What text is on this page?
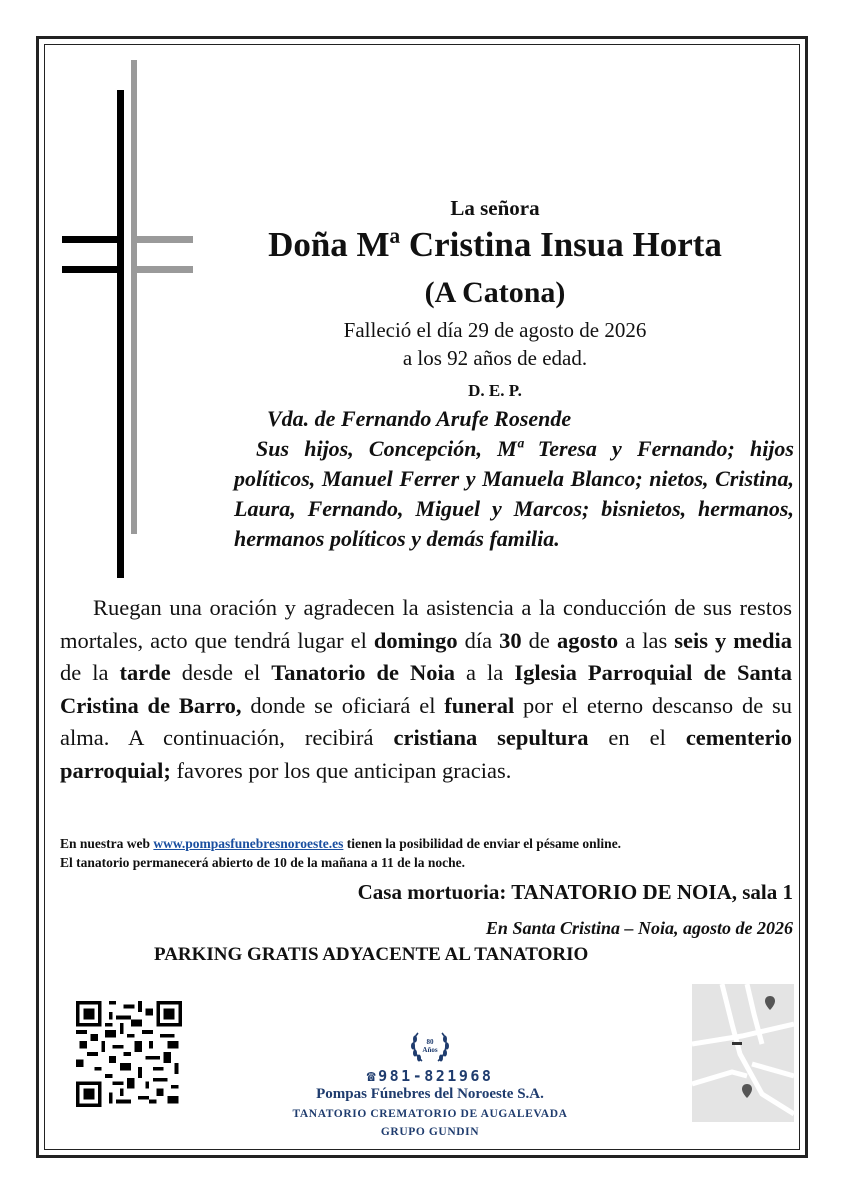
La señora
Doña Mª Cristina Insua Horta
(A Catona)
Falleció el día 29 de agosto de 2026
a los 92 años de edad.
D. E. P.
Vda. de Fernando Arufe Rosende
Sus hijos, Concepción, Mª Teresa y Fernando; hijos políticos, Manuel Ferrer y Manuela Blanco; nietos, Cristina, Laura, Fernando, Miguel y Marcos; bisnietos, hermanos, hermanos políticos y demás familia.

Ruegan una oración y agradecen la asistencia a la conducción de sus restos mortales, acto que tendrá lugar el domingo día 30 de agosto a las seis y media de la tarde desde el Tanatorio de Noia a la Iglesia Parroquial de Santa Cristina de Barro, donde se oficiará el funeral por el eterno descanso de su alma. A continuación, recibirá cristiana sepultura en el cementerio parroquial; favores por los que anticipan gracias.

En nuestra web www.pompasfunebresnoroeste.es tienen la posibilidad de enviar el pésame online.
El tanatorio permanecerá abierto de 10 de la mañana a 11 de la noche.
Casa mortuoria: TANATORIO DE NOIA, sala 1
En Santa Cristina – Noia, agosto de 2026
PARKING GRATIS ADYACENTE AL TANATORIO
80
Años
☎981-821968
Pompas Fúnebres del Noroeste S.A.
TANATORIO CREMATORIO DE AUGALEVADA
GRUPO GUNDIN
